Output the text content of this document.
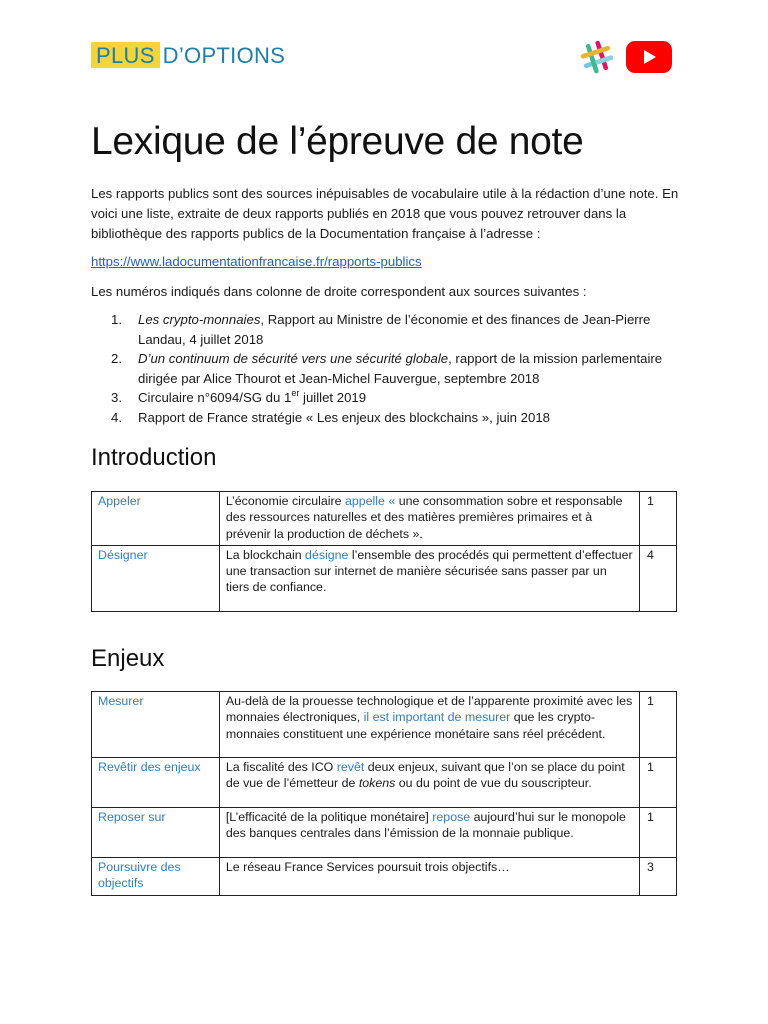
PLUS D’OPTIONS
Lexique de l’épreuve de note

Les rapports publics sont des sources inépuisables de vocabulaire utile à la rédaction d’une note. En voici une liste, extraite de deux rapports publiés en 2018 que vous pouvez retrouver dans la bibliothèque des rapports publics de la Documentation française à l’adresse :

https://www.ladocumentationfrancaise.fr/rapports-publics

Les numéros indiqués dans colonne de droite correspondent aux sources suivantes :

1. Les crypto-monnaies, Rapport au Ministre de l’économie et des finances de Jean-Pierre Landau, 4 juillet 2018
2. D’un continuum de sécurité vers une sécurité globale, rapport de la mission parlementaire dirigée par Alice Thourot et Jean-Michel Fauvergue, septembre 2018
3. Circulaire n°6094/SG du 1er juillet 2019
4. Rapport de France stratégie « Les enjeux des blockchains », juin 2018
Introduction
Appeler	L’économie circulaire appelle « une consommation sobre et responsable des ressources naturelles et des matières premières primaires et à prévenir la production de déchets ».	1
Désigner	La blockchain désigne l’ensemble des procédés qui permettent d’effectuer une transaction sur internet de manière sécurisée sans passer par un tiers de confiance.	4
Enjeux
Mesurer	Au-delà de la prouesse technologique et de l’apparente proximité avec les monnaies électroniques, il est important de mesurer que les crypto-monnaies constituent une expérience monétaire sans réel précédent.	1
Revêtir des enjeux	La fiscalité des ICO revêt deux enjeux, suivant que l’on se place du point de vue de l’émetteur de tokens ou du point de vue du souscripteur.	1
Reposer sur	[L’efficacité de la politique monétaire] repose aujourd’hui sur le monopole des banques centrales dans l’émission de la monnaie publique.	1
Poursuivre des objectifs	Le réseau France Services poursuit trois objectifs…	3
